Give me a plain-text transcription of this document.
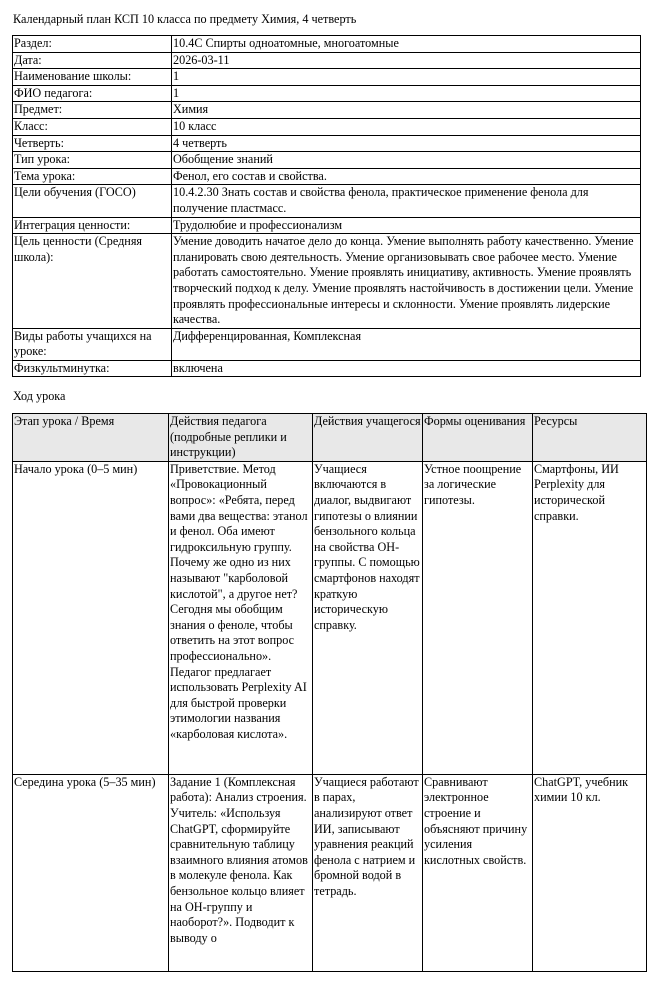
Календарный план КСП 10 класса по предмету Химия, 4 четверть
Раздел:	10.4С Спирты одноатомные, многоатомные
Дата:	2026-03-11
Наименование школы:	1
ФИО педагога:	1
Предмет:	Химия
Класс:	10 класс
Четверть:	4 четверть
Тип урока:	Обобщение знаний
Тема урока:	Фенол, его состав и свойства.
Цели обучения (ГОСО)	10.4.2.30 Знать состав и свойства фенола, практическое применение фенола для получение пластмасс.
Интеграция ценности:	Трудолюбие и профессионализм
Цель ценности (Средняя школа):	Умение доводить начатое дело до конца. Умение выполнять работу качественно. Умение планировать свою деятельность. Умение организовывать свое рабочее место. Умение работать самостоятельно. Умение проявлять инициативу, активность. Умение проявлять творческий подход к делу. Умение проявлять настойчивость в достижении цели. Умение проявлять профессиональные интересы и склонности. Умение проявлять лидерские качества.
Виды работы учащихся на уроке:	Дифференцированная, Комплексная
Физкультминутка:	включена
Ход урока
Этап урока / Время	Действия педагога (подробные реплики и инструкции)	Действия учащегося	Формы оценивания	Ресурсы
Начало урока (0–5 мин)	Приветствие. Метод «Провокационный вопрос»: «Ребята, перед вами два вещества: этанол и фенол. Оба имеют гидроксильную группу. Почему же одно из них называют "карболовой кислотой", а другое нет? Сегодня мы обобщим знания о феноле, чтобы ответить на этот вопрос профессионально». Педагог предлагает использовать Perplexity AI для быстрой проверки этимологии названия «карболовая кислота».	Учащиеся включаются в диалог, выдвигают гипотезы о влиянии бензольного кольца на свойства ОН-группы. С помощью смартфонов находят краткую историческую справку.	Устное поощрение за логические гипотезы.	Смартфоны, ИИ Perplexity для исторической справки.
Середина урока (5–35 мин)	Задание 1 (Комплексная работа): Анализ строения. Учитель: «Используя ChatGPT, сформируйте сравнительную таблицу взаимного влияния атомов в молекуле фенола. Как бензольное кольцо влияет на ОН-группу и наоборот?». Подводит к выводу о	Учащиеся работают в парах, анализируют ответ ИИ, записывают уравнения реакций фенола с натрием и бромной водой в тетрадь.	Сравнивают электронное строение и объясняют причину усиления кислотных свойств.	ChatGPT, учебник химии 10 кл.
